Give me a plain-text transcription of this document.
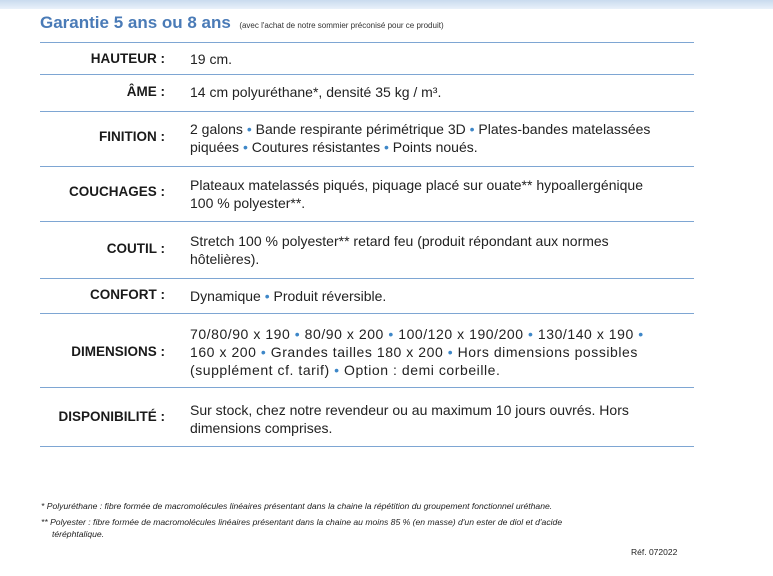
Garantie 5 ans ou 8 ans (avec l'achat de notre sommier préconisé pour ce produit)
HAUTEUR : 19 cm.
ÂME : 14 cm polyuréthane*, densité 35 kg / m³.
FINITION : 2 galons • Bande respirante périmétrique 3D • Plates-bandes matelassées
piquées • Coutures résistantes • Points noués.
COUCHAGES : Plateaux matelassés piqués, piquage placé sur ouate** hypoallergénique
100 % polyester**.
COUTIL : Stretch 100 % polyester** retard feu (produit répondant aux normes
hôtelières).
CONFORT : Dynamique • Produit réversible.
DIMENSIONS :
70/80/90 x 190 • 80/90 x 200 • 100/120 x 190/200 • 130/140 x 190 •
160 x 200 • Grandes tailles 180 x 200 • Hors dimensions possibles
(supplément cf. tarif) • Option : demi corbeille.
DISPONIBILITÉ : Sur stock, chez notre revendeur ou au maximum 10 jours ouvrés. Hors
dimensions comprises.
* Polyuréthane : fibre formée de macromolécules linéaires présentant dans la chaine la répétition du groupement fonctionnel uréthane.
** Polyester : fibre formée de macromolécules linéaires présentant dans la chaine au moins 85 % (en masse) d'un ester de diol et d'acide
téréphtalique.
Réf. 072022
